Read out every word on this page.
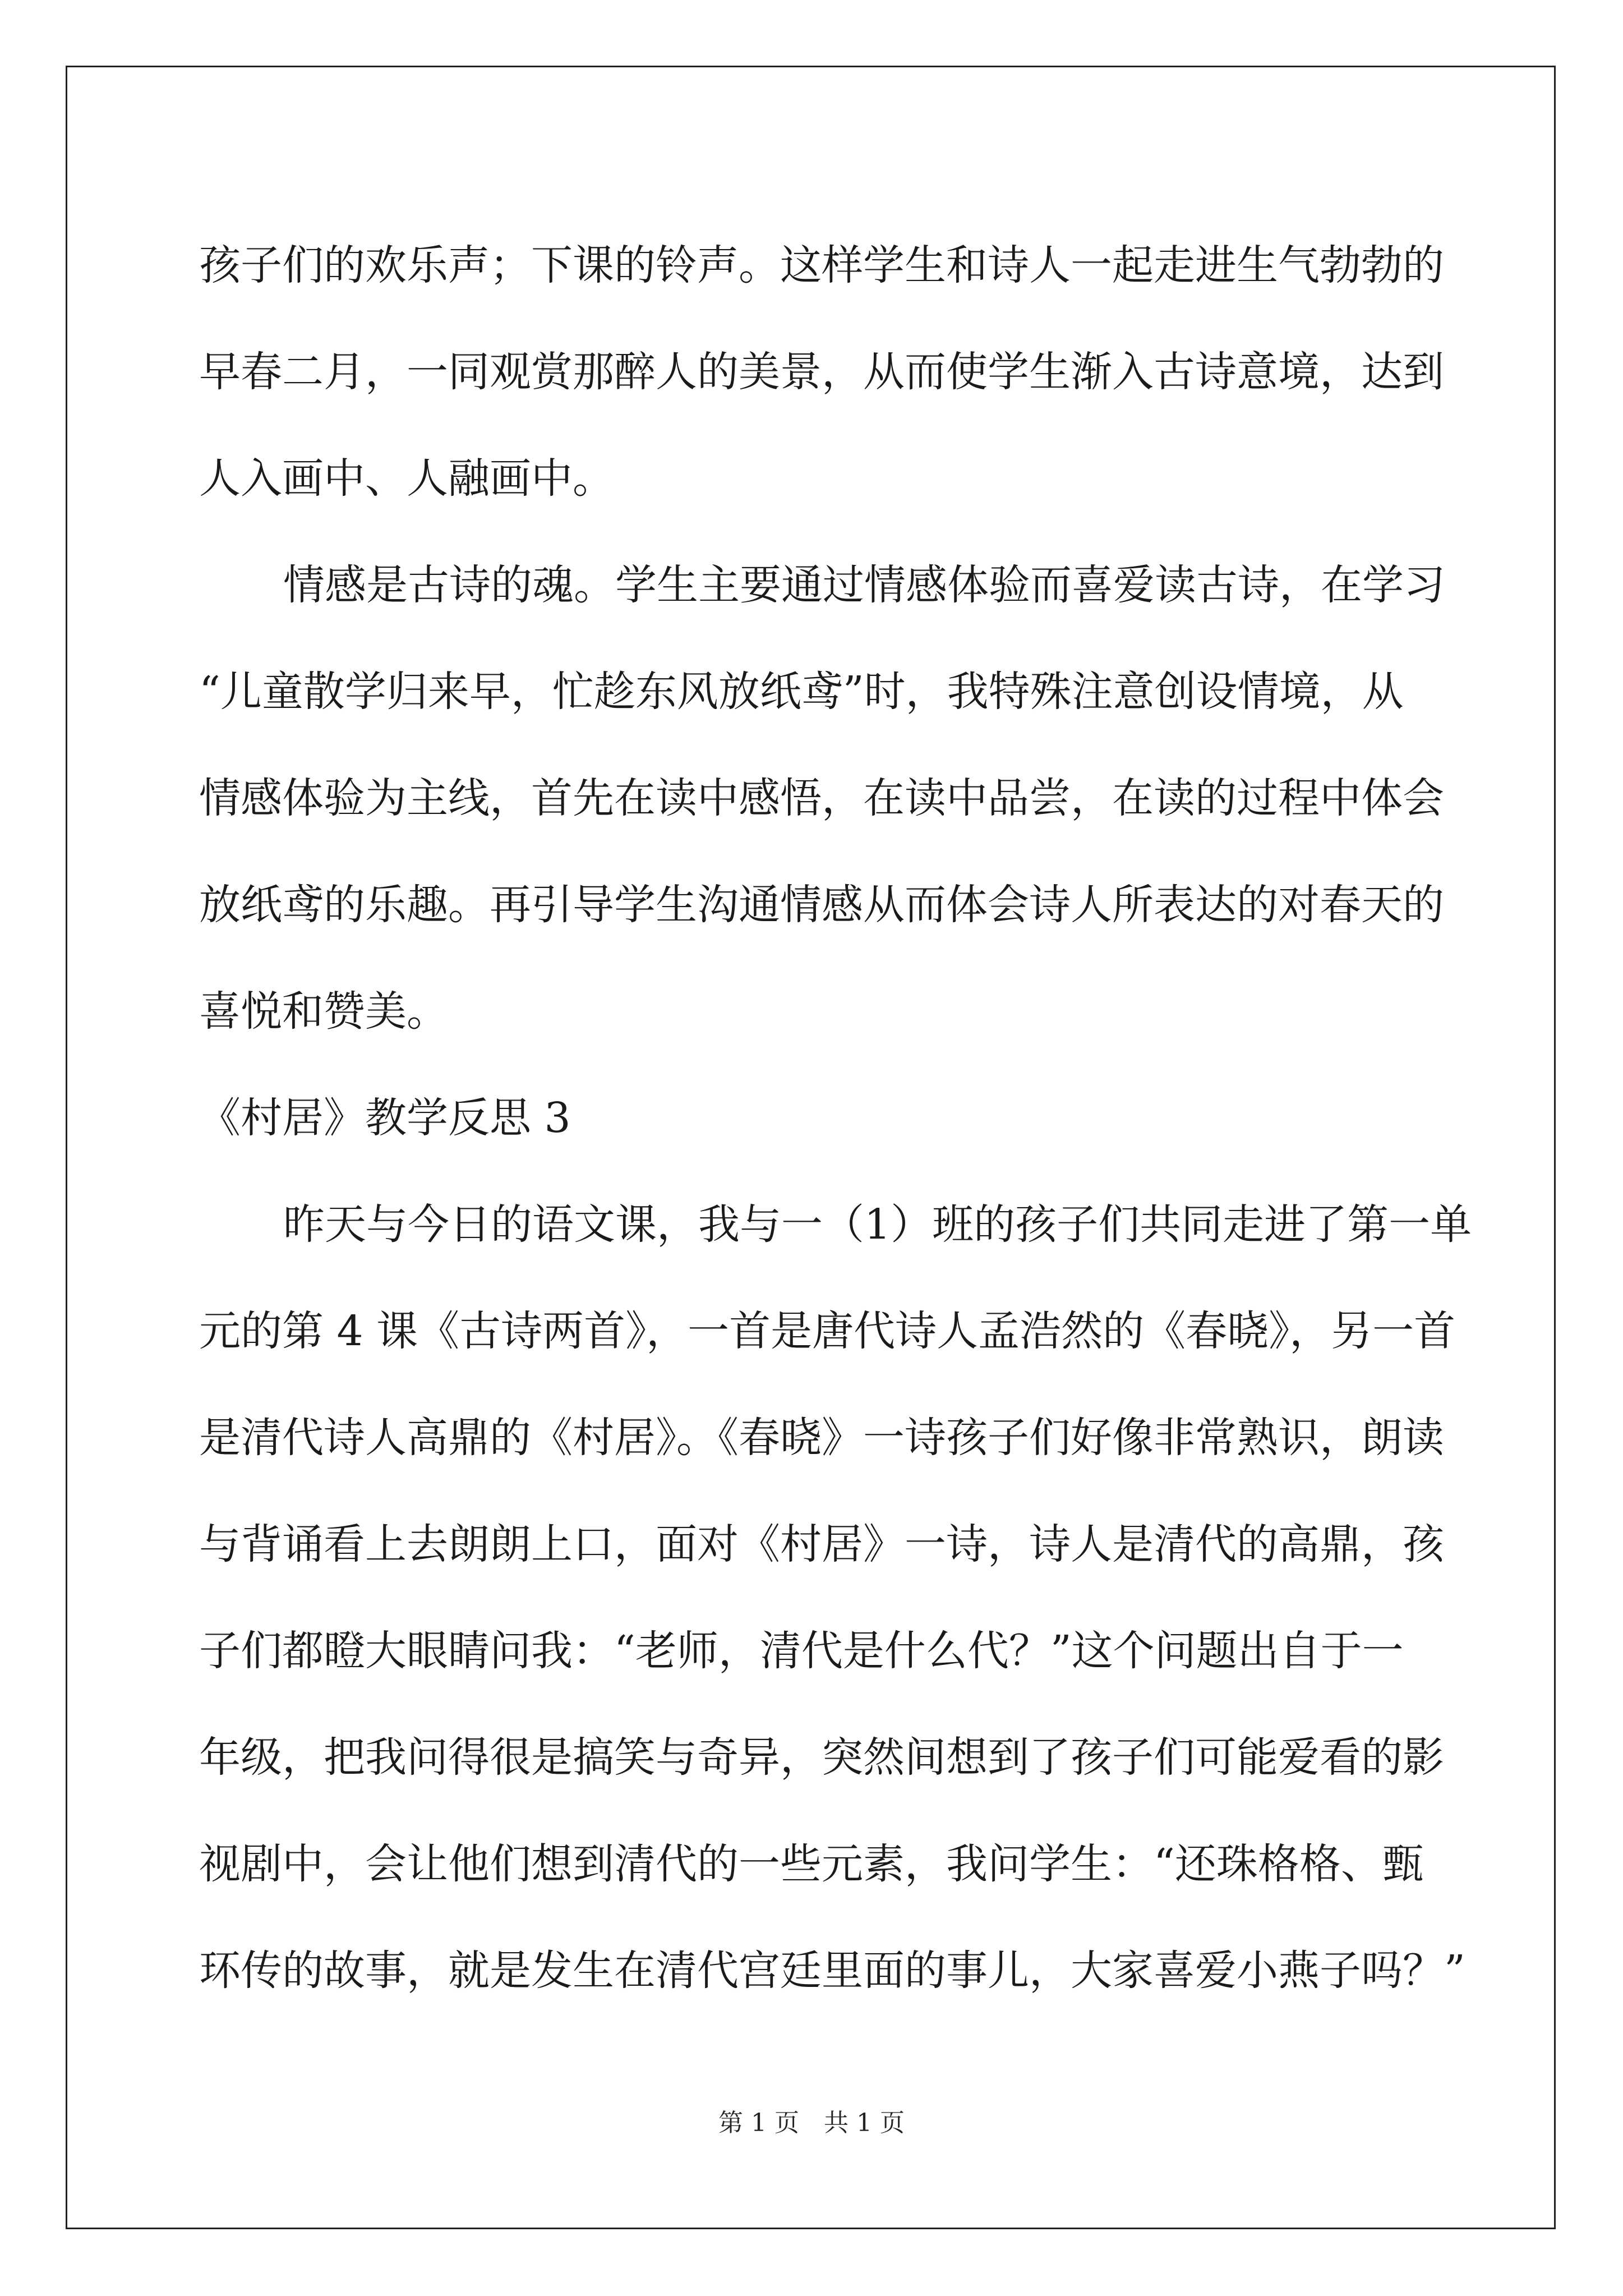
孩子们的欢乐声；下课的铃声。这样学生和诗人一起走进生气勃勃的
早春二月，一同观赏那醉人的美景，从而使学生渐入古诗意境，达到
人入画中、人融画中。
情感是古诗的魂。学生主要通过情感体验而喜爱读古诗，在学习
“儿童散学归来早，忙趁东风放纸鸢”时，我特殊注意创设情境，从
情感体验为主线，首先在读中感悟，在读中品尝，在读的过程中体会
放纸鸢的乐趣。再引导学生沟通情感从而体会诗人所表达的对春天的
喜悦和赞美。
《村居》教学反思 3
昨天与今日的语文课，我与一（1）班的孩子们共同走进了第一单
元的第 4 课《古诗两首》，一首是唐代诗人孟浩然的《春晓》，另一首
是清代诗人高鼎的《村居》。《春晓》一诗孩子们好像非常熟识，朗读
与背诵看上去朗朗上口，面对《村居》一诗，诗人是清代的高鼎，孩
子们都瞪大眼睛问我：“老师，清代是什么代？”这个问题出自于一
年级，把我问得很是搞笑与奇异，突然间想到了孩子们可能爱看的影
视剧中，会让他们想到清代的一些元素，我问学生：“还珠格格、甄
环传的故事，就是发生在清代宫廷里面的事儿，大家喜爱小燕子吗？”
第 1 页　共 1 页
